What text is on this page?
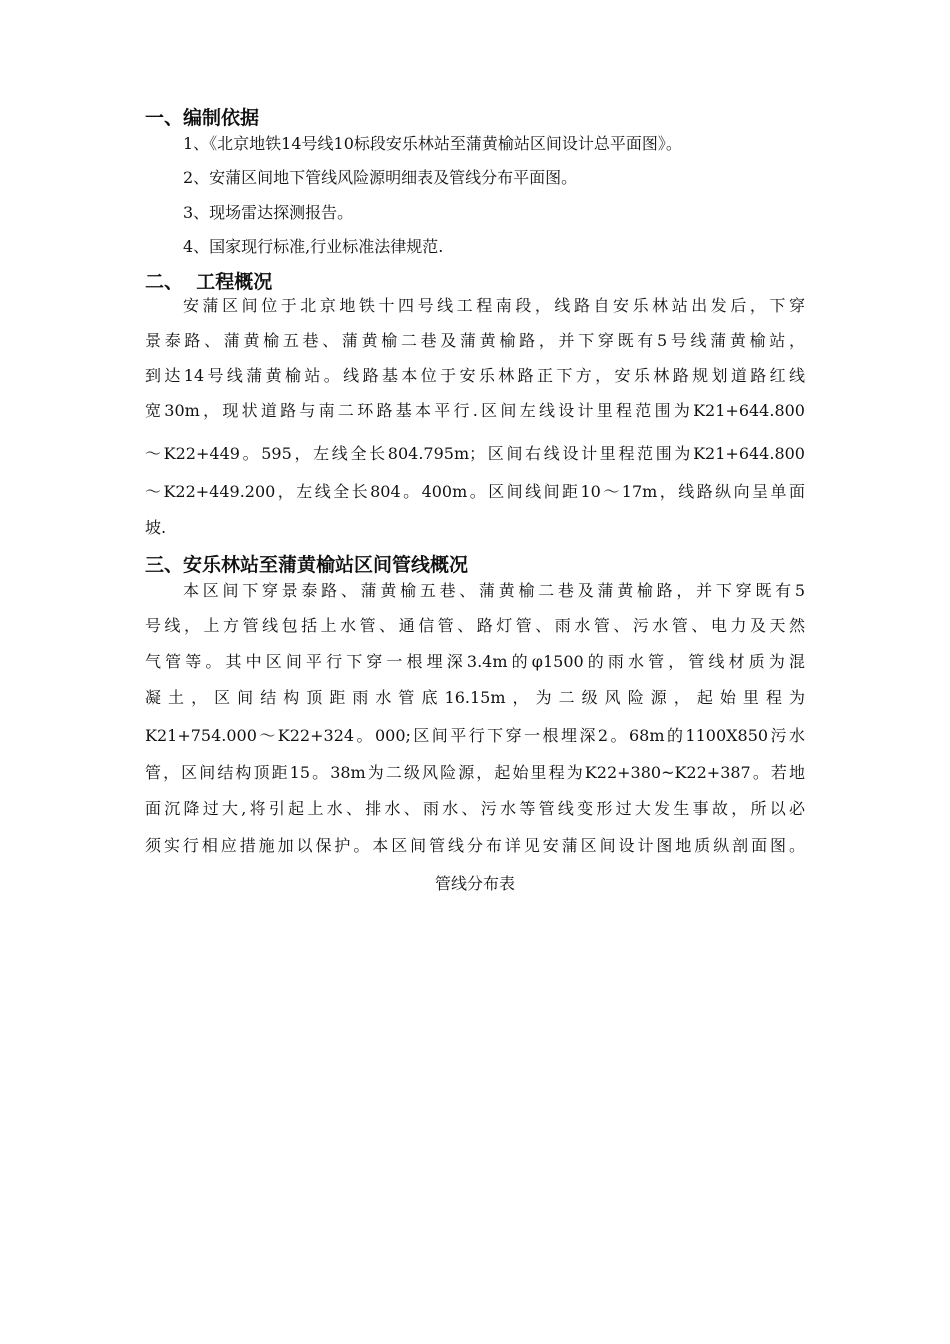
一、编制依据

1、《北京地铁14号线10标段安乐林站至蒲黄榆站区间设计总平面图》。

2、安蒲区间地下管线风险源明细表及管线分布平面图。

3、现场雷达探测报告。

4、国家现行标准,行业标准法律规范.

二、  工程概况

安蒲区间位于北京地铁十四号线工程南段，线路自安乐林站出发后，下穿

景泰路、蒲黄榆五巷、蒲黄榆二巷及蒲黄榆路，并下穿既有5号线蒲黄榆站，

到达14号线蒲黄榆站。线路基本位于安乐林路正下方，安乐林路规划道路红线

宽30m，现状道路与南二环路基本平行.区间左线设计里程范围为K21+644.800

～K22+449。595，左线全长804.795m；区间右线设计里程范围为K21+644.800

～K22+449.200，左线全长804。400m。区间线间距10～17m，线路纵向呈单面

坡.

三、安乐林站至蒲黄榆站区间管线概况

本区间下穿景泰路、蒲黄榆五巷、蒲黄榆二巷及蒲黄榆路，并下穿既有5

号线，上方管线包括上水管、通信管、路灯管、雨水管、污水管、电力及天然

气管等。其中区间平行下穿一根埋深3.4m的φ1500的雨水管，管线材质为混

凝土，区间结构顶距雨水管底16.15m，为二级风险源，起始里程为

K21+754.000～K22+324。000;区间平行下穿一根埋深2。68m的1100X850污水

管，区间结构顶距15。38m为二级风险源，起始里程为K22+380~K22+387。若地

面沉降过大,将引起上水、排水、雨水、污水等管线变形过大发生事故，所以必

须实行相应措施加以保护。本区间管线分布详见安蒲区间设计图地质纵剖面图。

管线分布表
